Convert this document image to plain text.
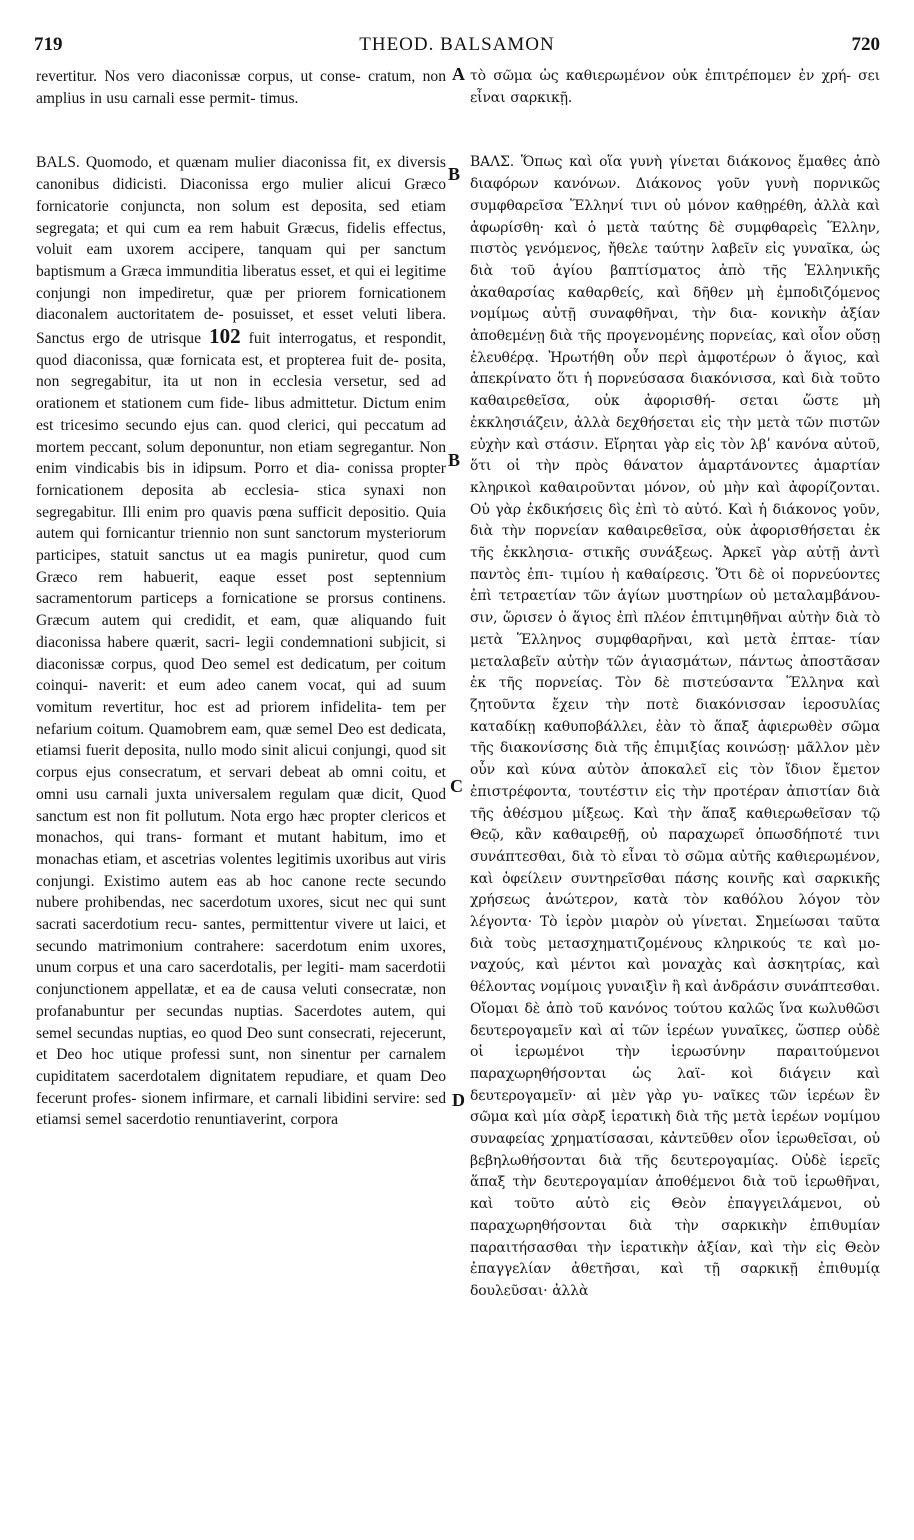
719	THEOD. BALSAMON	720

revertitur. Nos vero diaconissæ corpus, ut conse- cratum, non amplius in usu carnali esse permit- timus.

BALS. Quomodo, et quænam mulier diaconissa fit, ex diversis canonibus didicisti. Diaconissa ergo mulier alicui Græco fornicatorie conjuncta, non solum est deposita, sed etiam segregata; et qui cum ea rem habuit Græcus, fidelis effectus, voluit eam uxorem accipere, tanquam qui per sanctum baptismum a Græca immunditia liberatus esset, et qui ei legitime conjungi non impediretur, quæ per priorem fornicationem diaconalem auctoritatem de- posuisset, et esset veluti libera. Sanctus ergo de utrisque 102 fuit interrogatus, et respondit, quod diaconissa, quæ fornicata est, et propterea fuit de- posita, non segregabitur, ita ut non in ecclesia versetur, sed ad orationem et stationem cum fide- libus admittetur. Dictum enim est tricesimo secundo ejus can. quod clerici, qui peccatum ad mortem peccant, solum deponuntur, non etiam segregantur. Non enim vindicabis bis in idipsum. Porro et dia- conissa propter fornicationem deposita ab ecclesia- stica synaxi non segregabitur. Illi enim pro quavis pœna sufficit depositio. Quia autem qui fornicantur triennio non sunt sanctorum mysteriorum participes, statuit sanctus ut ea magis puniretur, quod cum Græco rem habuerit, eaque esset post septennium sacramentorum particeps a fornicatione se prorsus continens. Græcum autem qui credidit, et eam, quæ aliquando fuit diaconissa habere quærit, sacri- legii condemnationi subjicit, si diaconissæ corpus, quod Deo semel est dedicatum, per coitum coinqui- naverit: et eum adeo canem vocat, qui ad suum vomitum revertitur, hoc est ad priorem infidelita- tem per nefarium coitum. Quamobrem eam, quæ semel Deo est dedicata, etiamsi fuerit deposita, nullo modo sinit alicui conjungi, quod sit corpus ejus consecratum, et servari debeat ab omni coitu, et omni usu carnali juxta universalem regulam quæ dicit, Quod sanctum est non fit pollutum. Nota ergo hæc propter clericos et monachos, qui trans- formant et mutant habitum, imo et monachas etiam, et ascetrias volentes legitimis uxoribus aut viris conjungi. Existimo autem eas ab hoc canone recte secundo nubere prohibendas, nec sacerdotum uxores, sicut nec qui sunt sacrati sacerdotium recu- santes, permittentur vivere ut laici, et secundo matrimonium contrahere: sacerdotum enim uxores, unum corpus et una caro sacerdotalis, per legiti- mam sacerdotii conjunctionem appellatæ, et ea de causa veluti consecratæ, non profanabuntur per secundas nuptias. Sacerdotes autem, qui semel secundas nuptias, eo quod Deo sunt consecrati, rejecerunt, et Deo hoc utique professi sunt, non sinentur per carnalem cupiditatem sacerdotalem dignitatem repudiare, et quam Deo fecerunt profes- sionem infirmare, et carnali libidini servire: sed etiamsi semel sacerdotio renuntiaverint, corpora

τὸ σῶμα ὡς καθιερωμένον οὐκ ἐπιτρέπομεν ἐν χρή- σει εἶναι σαρκικῇ.

ΒΑΛΣ. Ὅπως καὶ οἵα γυνὴ γίνεται διάκονος ἔμαθες ἀπὸ διαφόρων κανόνων. Διάκονος γοῦν γυνὴ πορνικῶς συμφθαρεῖσα Ἕλληνί τινι οὐ μόνον καθῃρέθη, ἀλλὰ καὶ ἀφωρίσθη· καὶ ὁ μετὰ ταύτης δὲ συμφθαρεὶς Ἕλλην, πιστὸς γενόμενος, ἤθελε ταύτην λαβεῖν εἰς γυναῖκα, ὡς διὰ τοῦ ἁγίου βαπτίσματος ἀπὸ τῆς Ἑλληνικῆς ἀκαθαρσίας καθαρθείς, καὶ δῆθεν μὴ ἐμποδιζόμενος νομίμως αὐτῇ συναφθῆναι, τὴν δια- κονικὴν ἀξίαν ἀποθεμένῃ διὰ τῆς προγενομένης πορνείας, καὶ οἷον οὔσῃ ἐλευθέρᾳ. Ἠρωτήθη οὖν περὶ ἀμφοτέρων ὁ ἅγιος, καὶ ἀπεκρίνατο ὅτι ἡ πορνεύσασα διακόνισσα, καὶ διὰ τοῦτο καθαιρεθεῖσα, οὐκ ἀφορισθή- σεται ὥστε μὴ ἐκκλησιάζειν, ἀλλὰ δεχθήσεται εἰς τὴν μετὰ τῶν πιστῶν εὐχὴν καὶ στάσιν. Εἴρηται γὰρ εἰς τὸν λβʹ κανόνα αὐτοῦ, ὅτι οἱ τὴν πρὸς θάνατον ἁμαρτάνοντες ἁμαρτίαν κληρικοὶ καθαιροῦνται μόνον, οὐ μὴν καὶ ἀφορίζονται. Οὐ γὰρ ἐκδικήσεις δὶς ἐπὶ τὸ αὐτό. Καὶ ἡ διάκονος γοῦν, διὰ τὴν πορνείαν καθαιρεθεῖσα, οὐκ ἀφορισθήσεται ἐκ τῆς ἐκκλησια- στικῆς συνάξεως. Ἀρκεῖ γὰρ αὐτῇ ἀντὶ παντὸς ἐπι- τιμίου ἡ καθαίρεσις. Ὅτι δὲ οἱ πορνεύοντες ἐπὶ τετραετίαν τῶν ἁγίων μυστηρίων οὐ μεταλαμβάνου- σιν, ὥρισεν ὁ ἅγιος ἐπὶ πλέον ἐπιτιμηθῆναι αὐτὴν διὰ τὸ μετὰ Ἕλληνος συμφθαρῆναι, καὶ μετὰ ἑπταε- τίαν μεταλαβεῖν αὐτὴν τῶν ἁγιασμάτων, πάντως ἀποστᾶσαν ἐκ τῆς πορνείας. Τὸν δὲ πιστεύσαντα Ἕλληνα καὶ ζητοῦντα ἔχειν τὴν ποτὲ διακόνισσαν ἱεροσυλίας καταδίκῃ καθυποβάλλει, ἐὰν τὸ ἅπαξ ἀφιερωθὲν σῶμα τῆς διακονίσσης διὰ τῆς ἐπιμιξίας κοινώσῃ· μᾶλλον μὲν οὖν καὶ κύνα αὐτὸν ἀποκαλεῖ εἰς τὸν ἴδιον ἔμετον ἐπιστρέφοντα, τουτέστιν εἰς τὴν προτέραν ἀπιστίαν διὰ τῆς ἀθέσμου μίξεως. Καὶ τὴν ἅπαξ καθιερωθεῖσαν τῷ Θεῷ, κἂν καθαιρεθῇ, οὐ παραχωρεῖ ὁπωσδήποτέ τινι συνάπτεσθαι, διὰ τὸ εἶναι τὸ σῶμα αὐτῆς καθιερωμένον, καὶ ὀφείλειν συντηρεῖσθαι πάσης κοινῆς καὶ σαρκικῆς χρήσεως ἀνώτερον, κατὰ τὸν καθόλου λόγον τὸν λέγοντα· Τὸ ἱερὸν μιαρὸν οὐ γίνεται. Σημείωσαι ταῦτα διὰ τοὺς μετασχηματιζομένους κληρικούς τε καὶ μο- ναχούς, καὶ μέντοι καὶ μοναχὰς καὶ ἀσκητρίας, καὶ θέλοντας νομίμοις γυναιξὶν ἢ καὶ ἀνδράσιν συνάπτεσθαι. Οἴομαι δὲ ἀπὸ τοῦ κανόνος τούτου καλῶς ἵνα κωλυθῶσι δευτερογαμεῖν καὶ αἱ τῶν ἱερέων γυναῖκες, ὥσπερ οὐδὲ οἱ ἱερωμένοι τὴν ἱερωσύνην παραιτούμενοι παραχωρηθήσονται ὡς λαϊ- κοὶ διάγειν καὶ δευτερογαμεῖν· αἱ μὲν γὰρ γυ- ναῖκες τῶν ἱερέων ἓν σῶμα καὶ μία σὰρξ ἱερατικὴ διὰ τῆς μετὰ ἱερέων νομίμου συναφείας χρηματίσασαι, κἀντεῦθεν οἷον ἱερωθεῖσαι, οὐ βεβηλωθήσονται διὰ τῆς δευτερογαμίας. Οὐδὲ ἱερεῖς ἅπαξ τὴν δευτερογαμίαν ἀποθέμενοι διὰ τοῦ ἱερωθῆναι, καὶ τοῦτο αὐτὸ εἰς Θεὸν ἐπαγγειλάμενοι, οὐ παραχωρηθήσονται διὰ τὴν σαρκικὴν ἐπιθυμίαν παραιτήσασθαι τὴν ἱερατικὴν ἀξίαν, καὶ τὴν εἰς Θεὸν ἐπαγγελίαν ἀθετῆσαι, καὶ τῇ σαρκικῇ ἐπιθυμίᾳ δουλεῦσαι· ἀλλὰ

A
B
B
C
D
